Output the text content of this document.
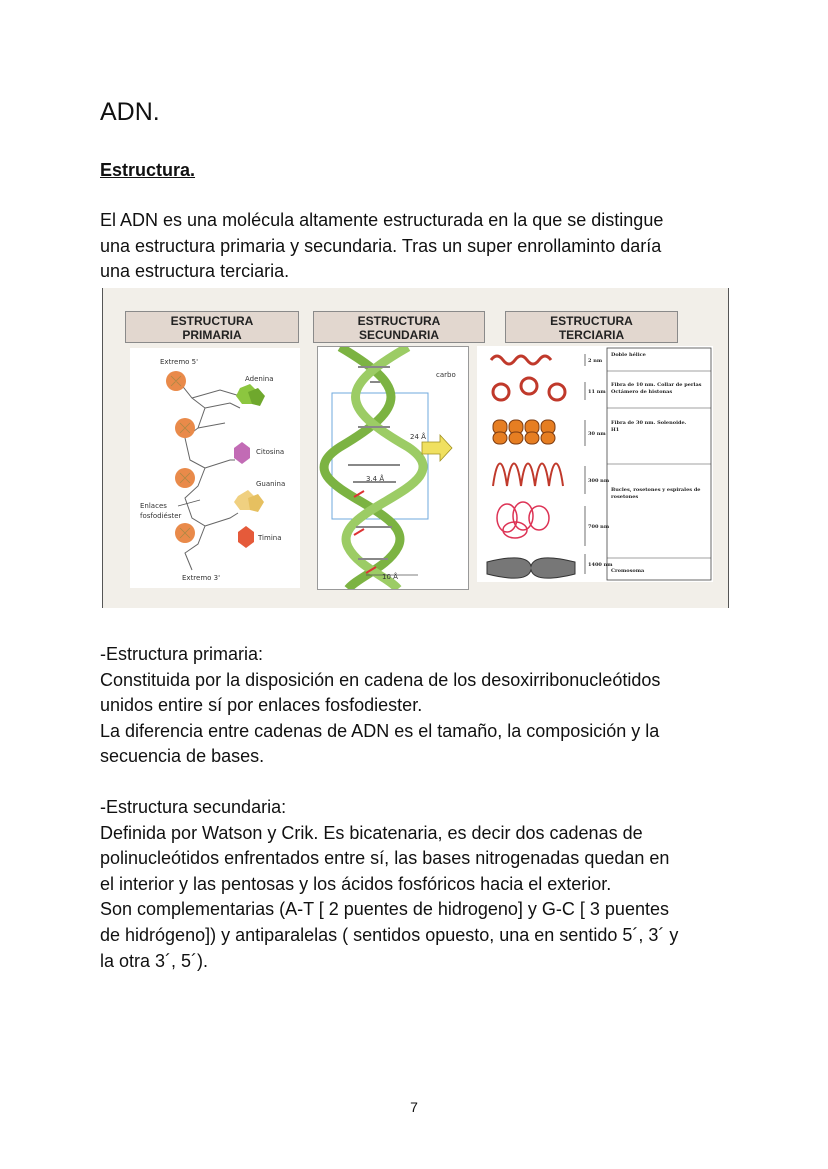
ADN.
Estructura.

El ADN es una molécula altamente estructurada en la que se distingue
una estructura primaria y secundaria. Tras un super enrollaminto daría
una estructura terciaria.

ESTRUCTURA
PRIMARIA
ESTRUCTURA
SECUNDARIA
ESTRUCTURA
TERCIARIA
Extremo 5'
Adenina
Citosina
Guanina
Timina
Enlaces
fosfodiéster
Extremo 3'
carbo
24 Å
3.4 Å
10 Å
2 nm
11 nm
30 nm
300 nm
700 nm
1400 nm
Doble hélice
Fibra de 10 nm. Collar de perlas
Octámero de histonas
Fibra de 30 nm. Solenoide.
H1
Bucles, rosetones y espirales de
rosetones
Cromosoma

-Estructura primaria:
Constituida por la disposición en cadena de los desoxirribonucleótidos
unidos entire sí por enlaces fosfodiester.
La diferencia entre cadenas de ADN es el tamaño, la composición y la
secuencia de bases.

-Estructura secundaria:
Definida por Watson y Crik. Es bicatenaria, es decir dos cadenas de
polinucleótidos enfrentados entre sí, las bases nitrogenadas quedan en
el interior y las pentosas y los ácidos fosfóricos hacia el exterior.
Son complementarias (A-T [ 2 puentes de hidrogeno] y G-C [ 3 puentes
de hidrógeno]) y antiparalelas ( sentidos opuesto, una en sentido 5´, 3´ y
la otra 3´, 5´).

7
